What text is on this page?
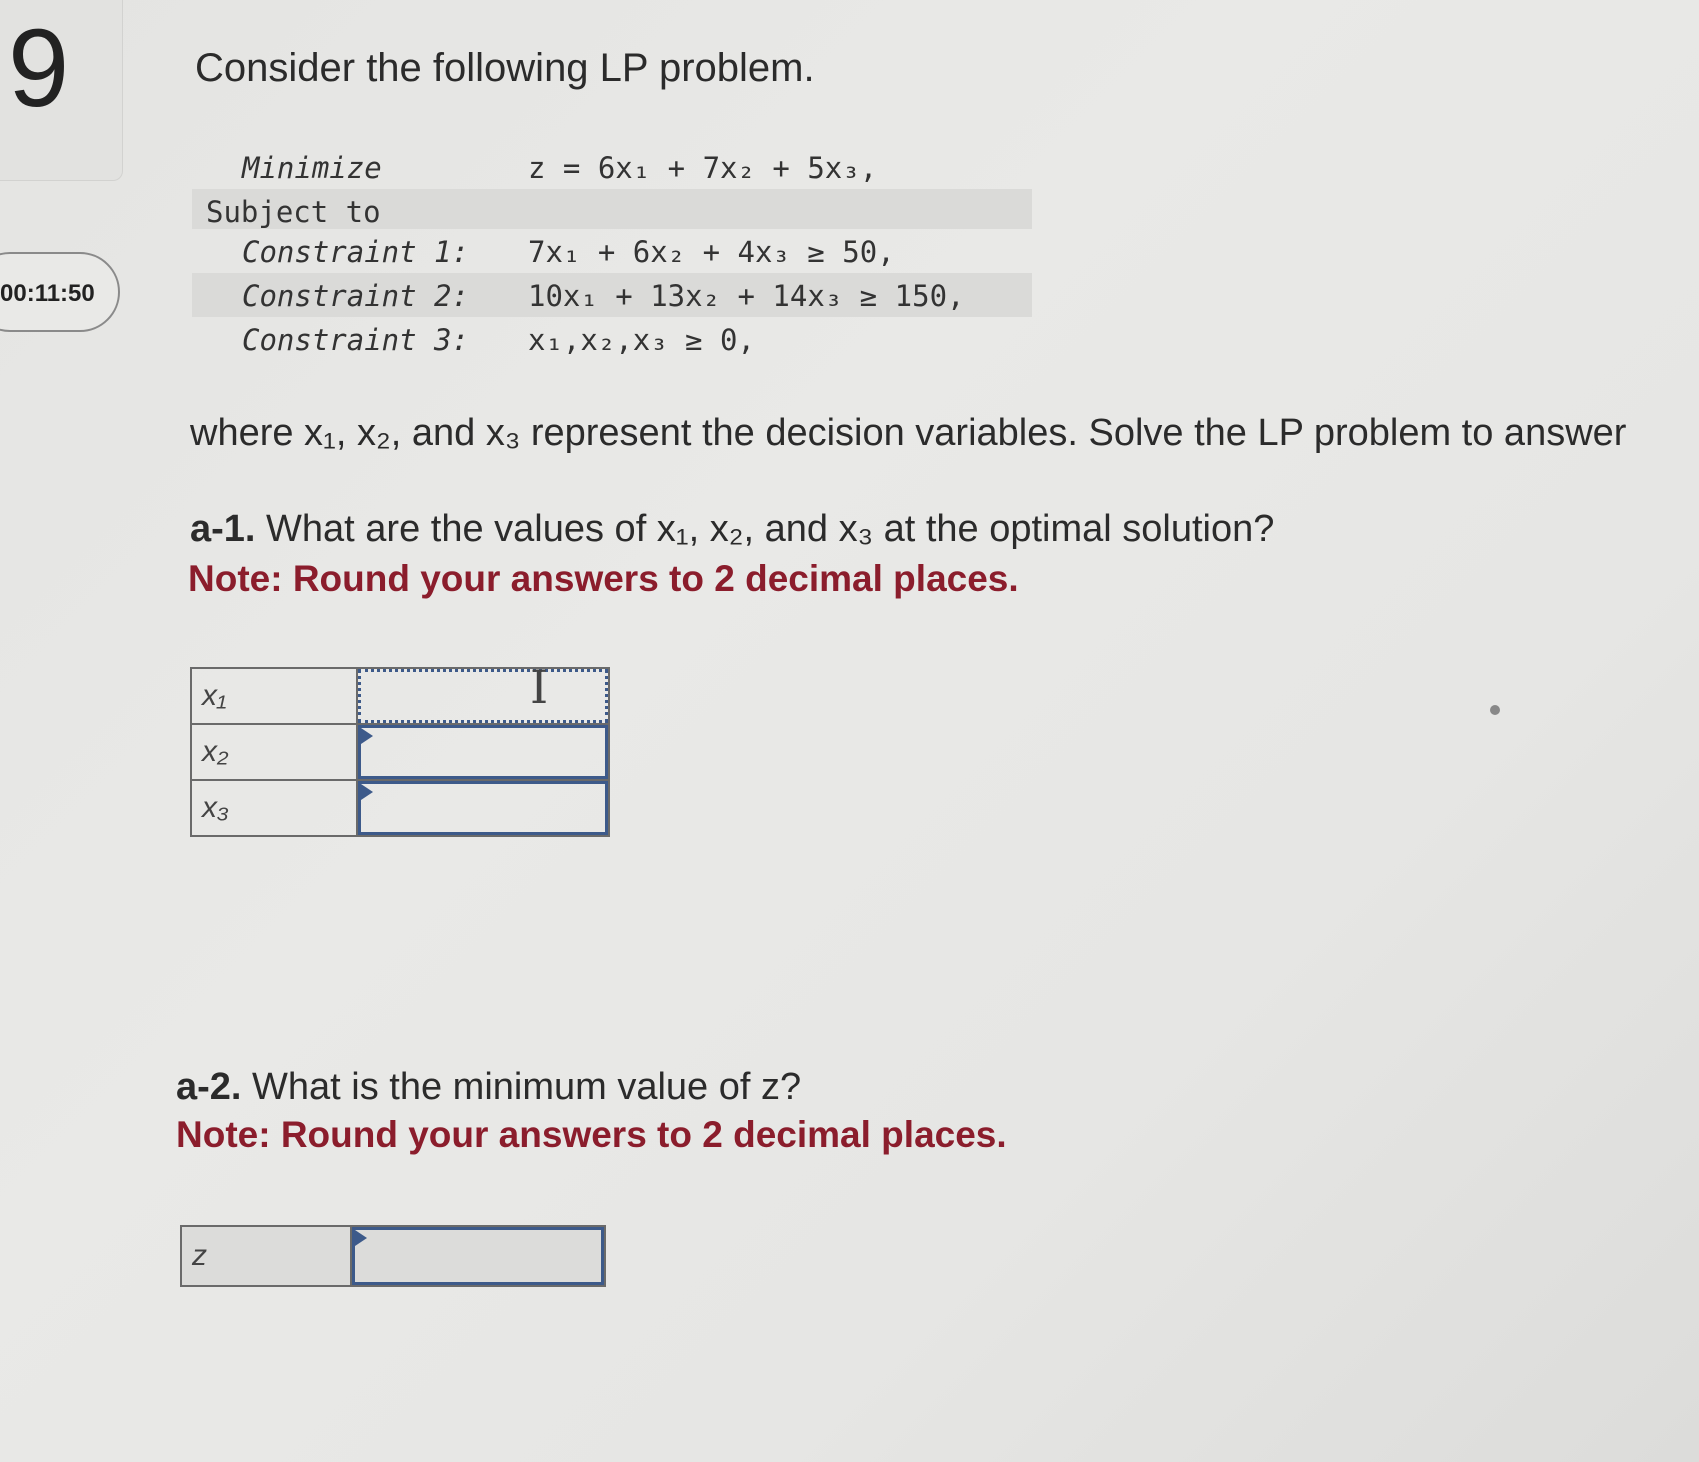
9
00:11:50
Consider the following LP problem.
Minimize	z = 6x₁ + 7x₂ + 5x₃,
Subject to
Constraint 1: 7x₁ + 6x₂ + 4x₃ ≥ 50,
Constraint 2: 10x₁ + 13x₂ + 14x₃ ≥ 150,
Constraint 3: x₁,x₂,x₃ ≥ 0,
where x₁, x₂, and x₃ represent the decision variables. Solve the LP problem to answer
a-1. What are the values of x₁, x₂, and x₃ at the optimal solution?
Note: Round your answers to 2 decimal places.
x₁	
x₂	

x₃	
I
a-2. What is the minimum value of z?
Note: Round your answers to 2 decimal places.
z	
